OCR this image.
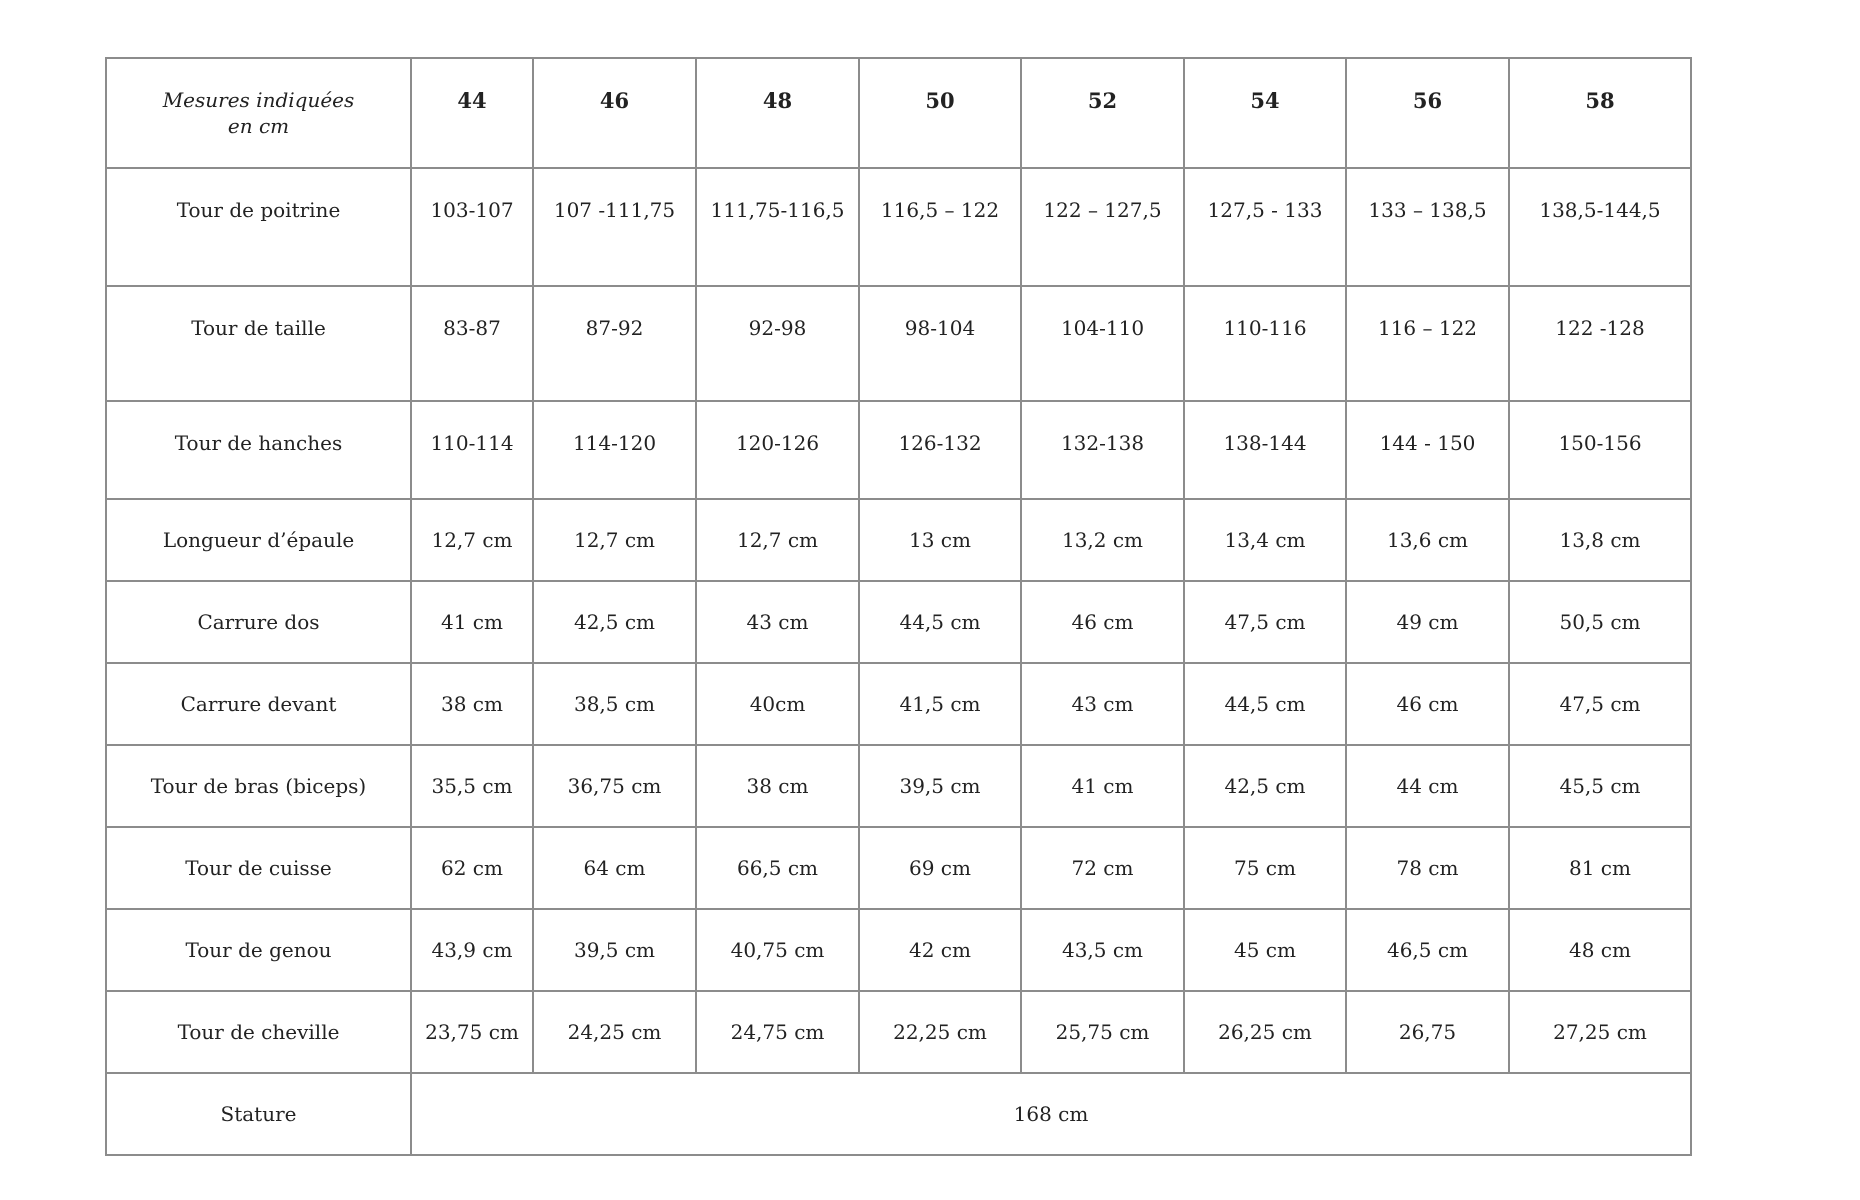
Mesures indiquées
en cm	44	46	48	50	52	54	56	58
Tour de poitrine	103-107	107 -111,75	111,75-116,5	116,5 – 122	122 – 127,5	127,5 - 133	133 – 138,5	138,5-144,5
Tour de taille	83-87	87-92	92-98	98-104	104-110	110-116	116 – 122	122 -128
Tour de hanches	110-114	114-120	120-126	126-132	132-138	138-144	144 - 150	150-156
Longueur d’épaule	12,7 cm	12,7 cm	12,7 cm	13 cm	13,2 cm	13,4 cm	13,6 cm	13,8 cm
Carrure dos	41 cm	42,5 cm	43 cm	44,5 cm	46 cm	47,5 cm	49 cm	50,5 cm
Carrure devant	38 cm	38,5 cm	40cm	41,5 cm	43 cm	44,5 cm	46 cm	47,5 cm
Tour de bras (biceps)	35,5 cm	36,75 cm	38 cm	39,5 cm	41 cm	42,5 cm	44 cm	45,5 cm
Tour de cuisse	62 cm	64 cm	66,5 cm	69 cm	72 cm	75 cm	78 cm	81 cm
Tour de genou	43,9 cm	39,5 cm	40,75 cm	42 cm	43,5 cm	45 cm	46,5 cm	48 cm
Tour de cheville	23,75 cm	24,25 cm	24,75 cm	22,25 cm	25,75 cm	26,25 cm	26,75	27,25 cm
Stature	168 cm							
